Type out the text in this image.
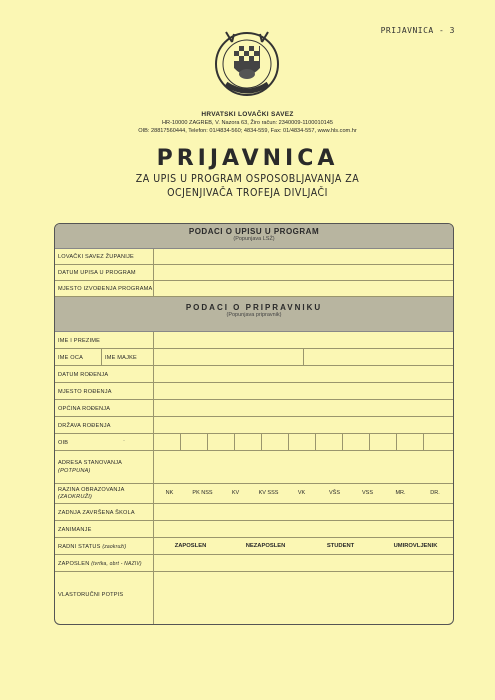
PRIJAVNICA - 3
HRVATSKI LOVAČKI SAVEZ
HR-10000 ZAGREB, V. Nazora 63, Žiro račun: 2340009-1100010145
OIB: 28817560444, Telefon: 01/4834-560; 4834-559, Fax: 01/4834-557, www.hls.com.hr
PRIJAVNICA
ZA UPIS U PROGRAM OSPOSOBLJAVANJA ZA
OCJENJIVAČA TROFEJA DIVLJAČI
PODACI O UPISU U PROGRAM
(Popunjava LSŽ)
LOVAČKI SAVEZ ŽUPANIJE
DATUM UPISA U PROGRAM
MJESTO IZVOĐENJA PROGRAMA
PODACI O PRIPRAVNIKU
(Popunjava pripravnik)
IME I PREZIME
IME OCA	IME MAJKE
DATUM ROĐENJA
MJESTO ROĐENJA
OPĆINA ROĐENJA
DRŽAVA ROĐENJA
OIB	·
ADRESA STANOVANJA
(POTPUNA)
RAZINA OBRAZOVANJA
(ZAOKRUŽI)
NK	PK NSS	KV	KV SSS	VK	VŠS	VSS	MR.	DR.
ZADNJA ZAVRŠENA ŠKOLA
ZANIMANJE
RADNI STATUS (zaokruži)	ZAPOSLEN	NEZAPOSLEN	STUDENT	UMIROVLJENIK
ZAPOSLEN (tvrtka, obrt - NAZIV)
VLASTORUČNI POTPIS
